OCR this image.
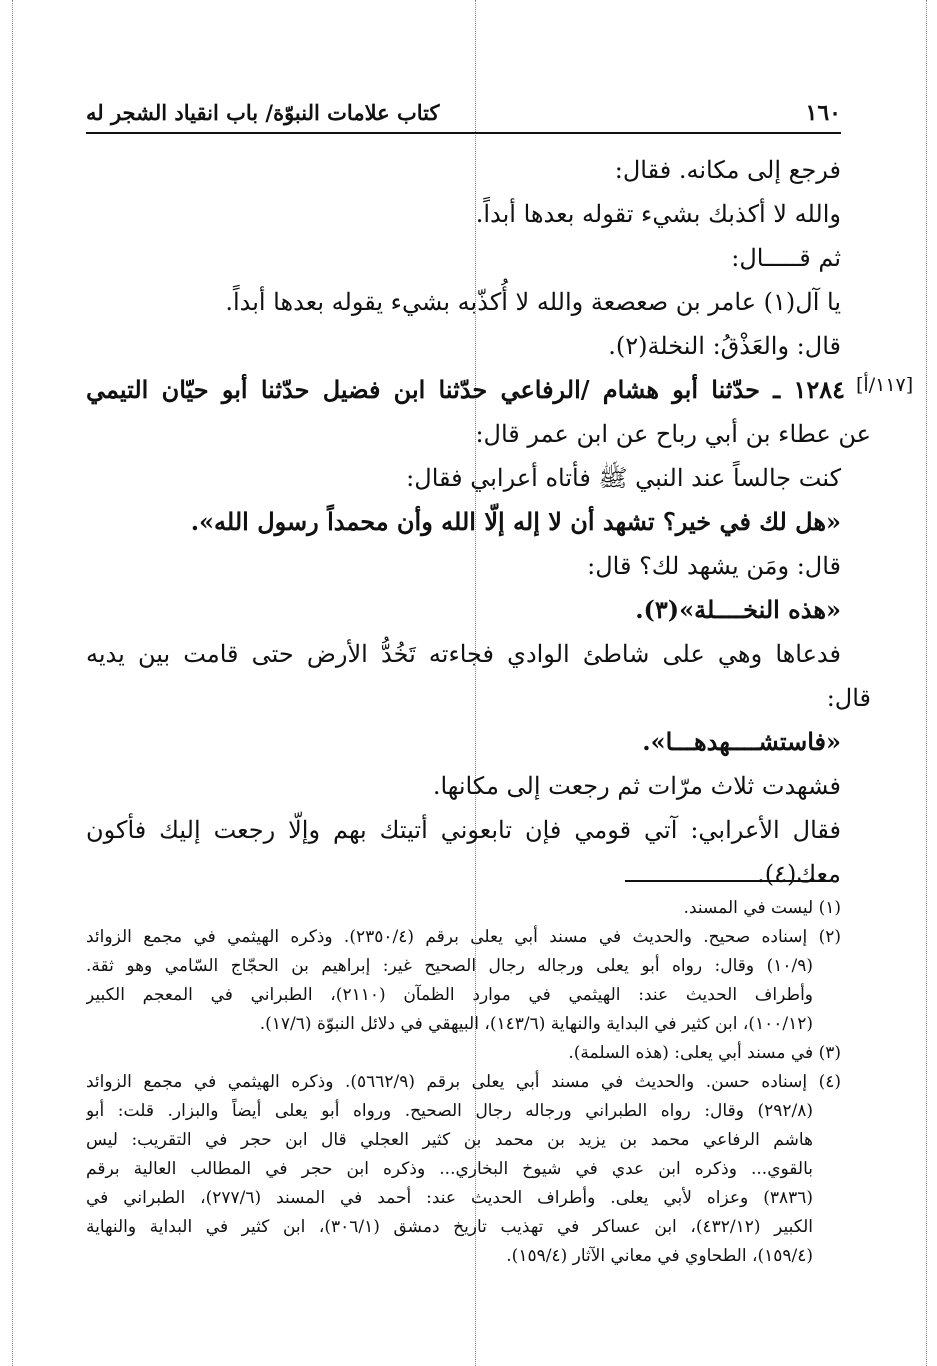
١٦٠
كتاب علامات النبوّة/ باب انقياد الشجر له
فرجع إلى مكانه. فقال:
والله لا أكذبك بشيء تقوله بعدها أبداً.
ثم قـــــال:
يا آل(١) عامر بن صعصعة والله لا أُكذّبه بشيء يقوله بعدها أبداً.
قال: والعَذْقُ: النخلة(٢).
١٢٨٤ ـ حدّثنا أبو هشام /الرفاعي حدّثنا ابن فضيل حدّثنا أبو حيّان التيمي
عن عطاء بن أبي رباح عن ابن عمر قال:
كنت جالساً عند النبي ﷺ فأتاه أعرابي فقال:
«هل لك في خير؟ تشهد أن لا إله إلّا الله وأن محمداً رسول الله».
قال: ومَن يشهد لك؟ قال:
«هذه النخــــلة»(٣).
فدعاها وهي على شاطئ الوادي فجاءته تَخُدُّ الأرض حتى قامت بين يديه
قال:
«فاستشــــهدهـــا».
فشهدت ثلاث مرّات ثم رجعت إلى مكانها.
فقال الأعرابي: آتي قومي فإن تابعوني أتيتك بهم وإلّا رجعت إليك فأكون
معك(٤).
[١١٧/أ]
(١) ليست في المسند.
(٢) إسناده صحيح. والحديث في مسند أبي يعلى برقم (٢٣٥٠/٤). وذكره الهيثمي في مجمع الزوائد
(١٠/٩) وقال: رواه أبو يعلى ورجاله رجال الصحيح غير: إبراهيم بن الحجّاج السّامي وهو ثقة.
وأطراف الحديث عند: الهيثمي في موارد الظمآن (٢١١٠)، الطبراني في المعجم الكبير
(١٠٠/١٢)، ابن كثير في البداية والنهاية (١٤٣/٦)، البيهقي في دلائل النبوّة (١٧/٦).
(٣) في مسند أبي يعلى: (هذه السلمة).
(٤) إسناده حسن. والحديث في مسند أبي يعلى برقم (٥٦٦٢/٩). وذكره الهيثمي في مجمع الزوائد
(٢٩٢/٨) وقال: رواه الطبراني ورجاله رجال الصحيح. ورواه أبو يعلى أيضاً والبزار. قلت: أبو
هاشم الرفاعي محمد بن يزيد بن محمد بن كثير العجلي قال ابن حجر في التقريب: ليس
بالقوي... وذكره ابن عدي في شيوخ البخاري... وذكره ابن حجر في المطالب العالية برقم
(٣٨٣٦) وعزاه لأبي يعلى. وأطراف الحديث عند: أحمد في المسند (٢٧٧/٦)، الطبراني في
الكبير (٤٣٢/١٢)، ابن عساكر في تهذيب تاريخ دمشق (٣٠٦/١)، ابن كثير في البداية والنهاية
(١٥٩/٤)، الطحاوي في معاني الآثار (١٥٩/٤).
